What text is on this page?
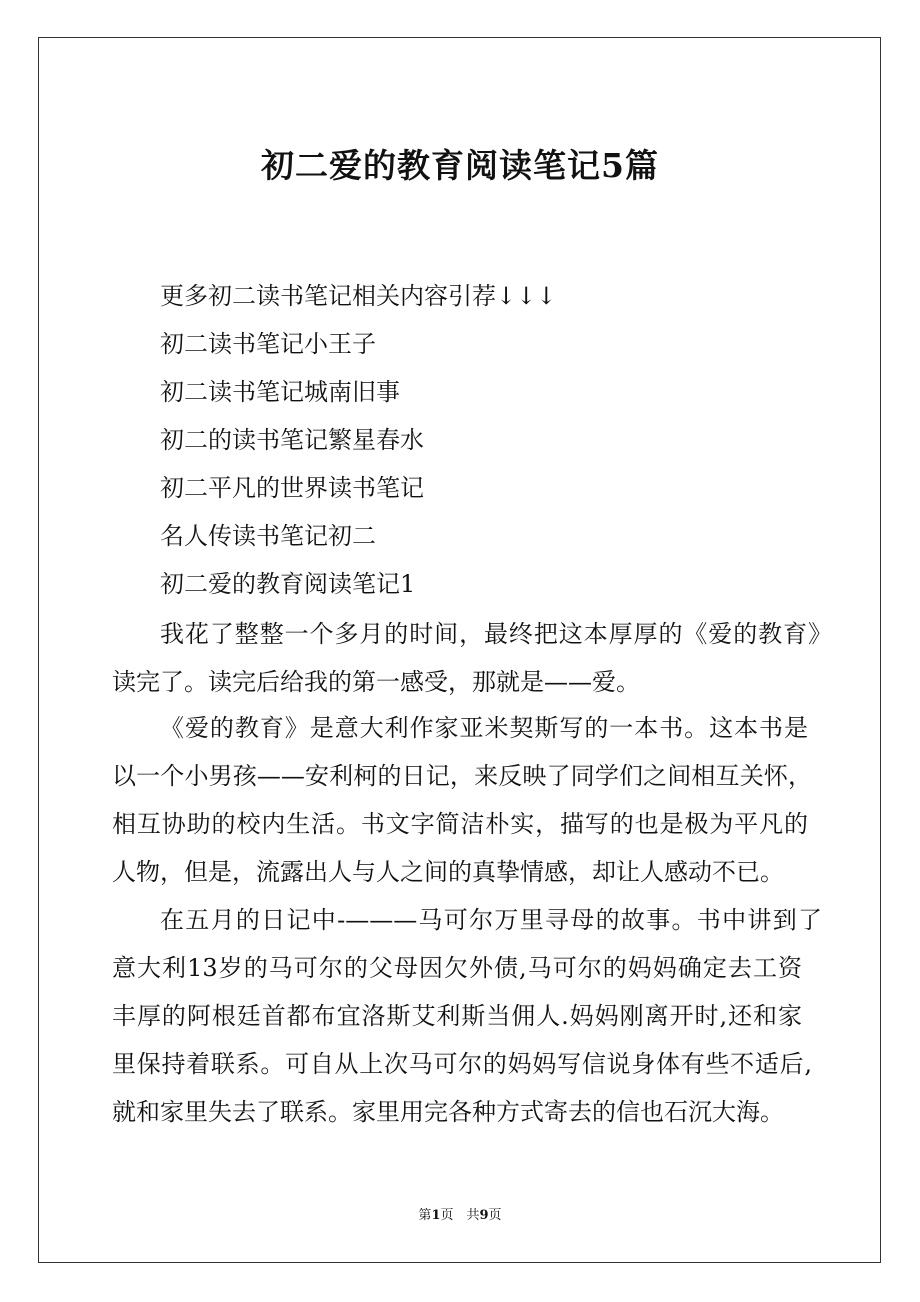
初二爱的教育阅读笔记5篇
更多初二读书笔记相关内容引荐↓↓↓
初二读书笔记小王子
初二读书笔记城南旧事
初二的读书笔记繁星春水
初二平凡的世界读书笔记
名人传读书笔记初二
初二爱的教育阅读笔记1
我花了整整一个多月的时间，最终把这本厚厚的《爱的教育》
读完了。读完后给我的第一感受，那就是——爱。
《爱的教育》是意大利作家亚米契斯写的一本书。这本书是
以一个小男孩——安利柯的日记，来反映了同学们之间相互关怀，
相互协助的校内生活。书文字简洁朴实，描写的也是极为平凡的
人物，但是，流露出人与人之间的真挚情感，却让人感动不已。
在五月的日记中-———马可尔万里寻母的故事。书中讲到了
意大利13岁的马可尔的父母因欠外债,马可尔的妈妈确定去工资
丰厚的阿根廷首都布宜洛斯艾利斯当佣人.妈妈刚离开时,还和家
里保持着联系。可自从上次马可尔的妈妈写信说身体有些不适后,
就和家里失去了联系。家里用完各种方式寄去的信也石沉大海。
第1页　共9页
